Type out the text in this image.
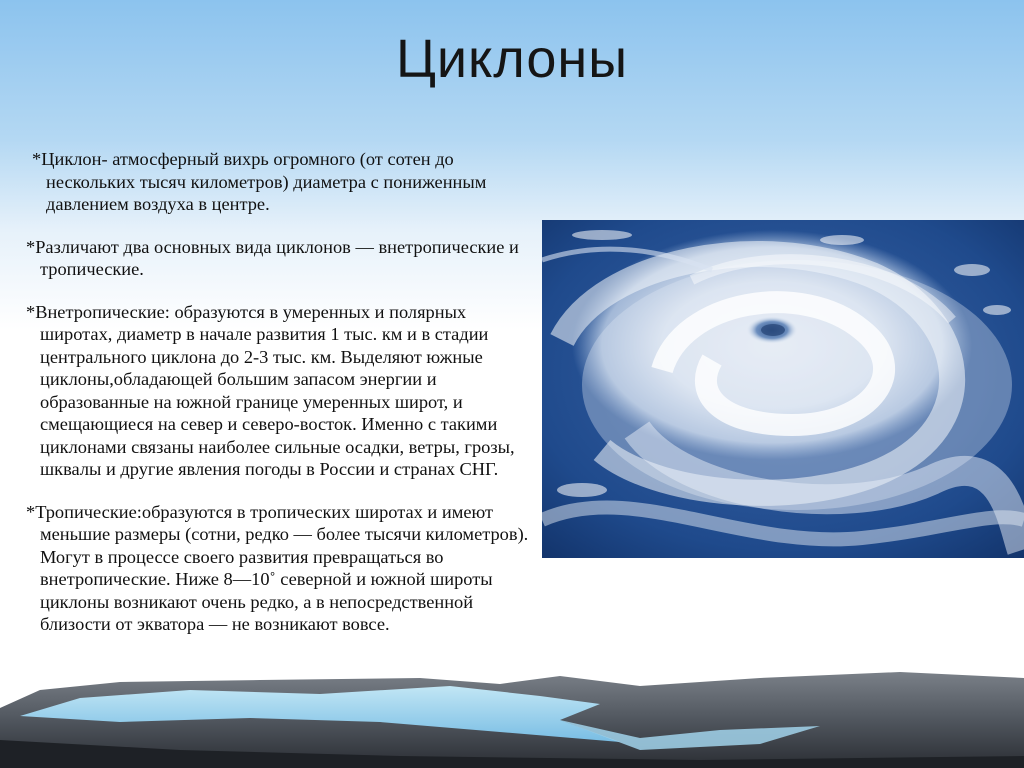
Циклоны

*Циклон- атмосферный вихрь огромного (от сотен до
нескольких тысяч километров) диаметра с пониженным давлением воздуха в центре.

*Различают два основных вида циклонов — внетропические и тропические.

*Внетропические: образуются в умеренных и полярных широтах, диаметр в начале развития 1 тыс. км и в стадии центрального циклона до 2-3 тыс. км. Выделяют южные циклоны,обладающей большим запасом энергии и образованные на южной границе умеренных широт, и смещающиеся на север и северо-восток. Именно с такими циклонами связаны наиболее сильные осадки, ветры, грозы, шквалы и другие явления погоды в России и странах СНГ.

*Тропические:образуются в тропических широтах и имеют меньшие размеры (сотни, редко — более тысячи километров). Могут в процессе своего развития превращаться во внетропические. Ниже 8—10˚ северной и южной широты циклоны возникают очень редко, а в непосредственной близости от экватора — не возникают вовсе.
